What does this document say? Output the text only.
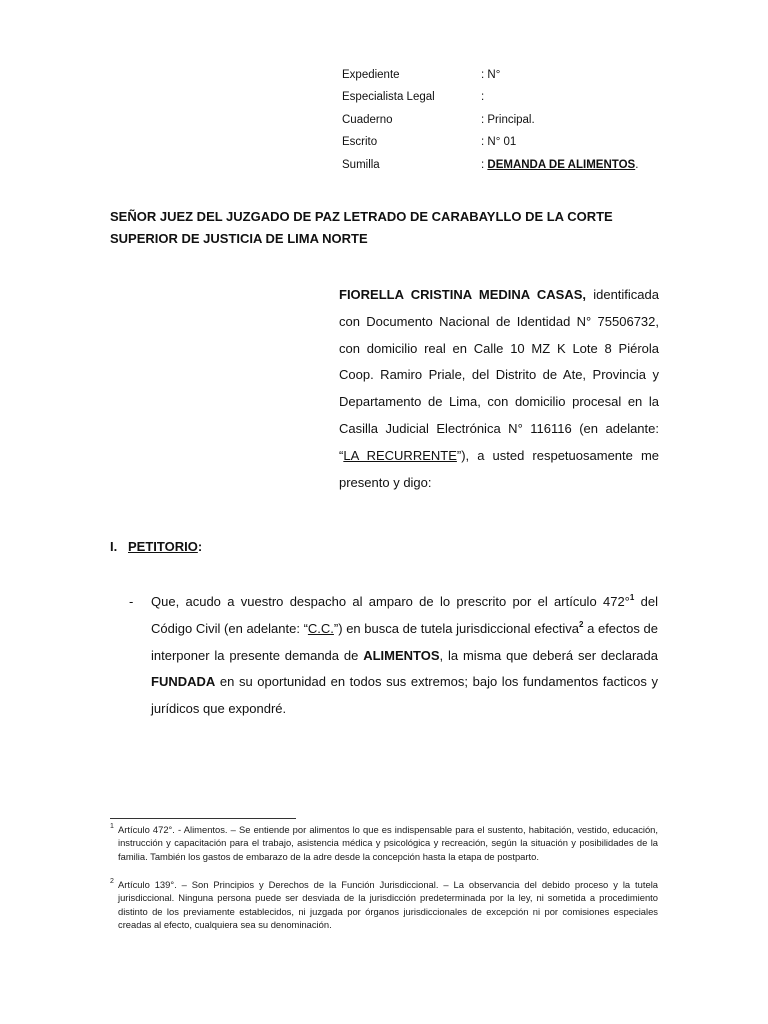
Expediente	: N°
Especialista Legal	:
Cuaderno	: Principal.
Escrito	: N° 01
Sumilla	: DEMANDA DE ALIMENTOS.
SEÑOR JUEZ DEL JUZGADO DE PAZ LETRADO DE CARABAYLLO DE LA CORTE SUPERIOR DE JUSTICIA DE LIMA NORTE

FIORELLA CRISTINA MEDINA CASAS, identificada con Documento Nacional de Identidad N° 75506732, con domicilio real en Calle 10 MZ K Lote 8 Piérola Coop. Ramiro Priale, del Distrito de Ate, Provincia y Departamento de Lima, con domicilio procesal en la Casilla Judicial Electrónica N° 116116 (en adelante: “LA RECURRENTE”), a usted respetuosamente me presento y digo:

I. PETITORIO:
- Que, acudo a vuestro despacho al amparo de lo prescrito por el artículo 472°$^1$ del Código Civil (en adelante: “C.C.”) en busca de tutela jurisdiccional efectiva$^2$ a efectos de interponer la presente demanda de ALIMENTOS, la misma que deberá ser declarada FUNDADA en su oportunidad en todos sus extremos; bajo los fundamentos facticos y jurídicos que expondré.

1 Artículo 472°. - Alimentos. – Se entiende por alimentos lo que es indispensable para el sustento, habitación, vestido, educación, instrucción y capacitación para el trabajo, asistencia médica y psicológica y recreación, según la situación y posibilidades de la familia. También los gastos de embarazo de la adre desde la concepción hasta la etapa de postparto.
2 Artículo 139°. – Son Principios y Derechos de la Función Jurisdiccional. – La observancia del debido proceso y la tutela jurisdiccional. Ninguna persona puede ser desviada de la jurisdicción predeterminada por la ley, ni sometida a procedimiento distinto de los previamente establecidos, ni juzgada por órganos jurisdiccionales de excepción ni por comisiones especiales creadas al efecto, cualquiera sea su denominación.
